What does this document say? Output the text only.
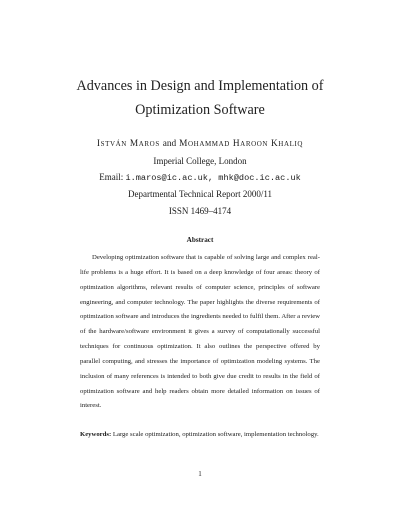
Advances in Design and Implementation of
Optimization Software
István Maros and Mohammad Haroon Khaliq
Imperial College, London
Email: i.maros@ic.ac.uk, mhk@doc.ic.ac.uk
Departmental Technical Report 2000/11
ISSN 1469–4174
Abstract

Developing optimization software that is capable of solving large and complex real-life problems is a huge effort. It is based on a deep knowledge of four areas: theory of optimization algorithms, relevant results of computer science, principles of software engineering, and computer technology. The paper highlights the diverse requirements of optimization software and introduces the ingredients needed to fulfil them. After a review of the hardware/software environment it gives a survey of computationally successful techniques for continuous optimization. It also outlines the perspective offered by parallel computing, and stresses the importance of optimization modeling systems. The inclusion of many references is intended to both give due credit to results in the field of optimization software and help readers obtain more detailed information on issues of interest.

Keywords: Large scale optimization, optimization software, implementation technology.

1
